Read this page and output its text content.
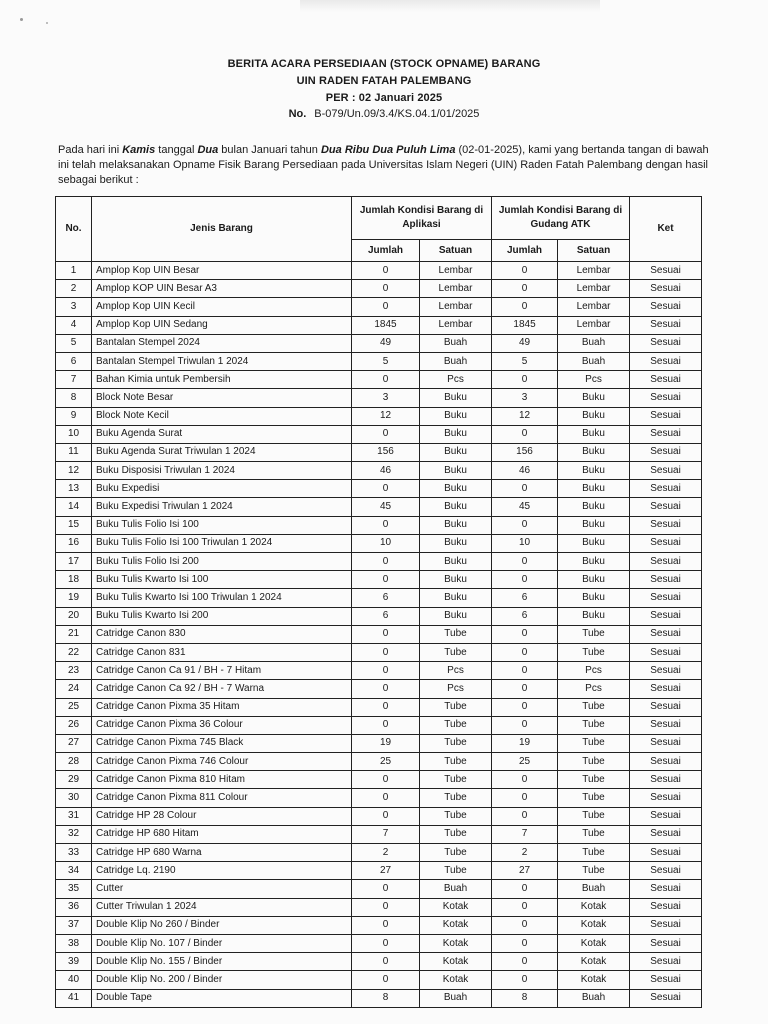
BERITA ACARA PERSEDIAAN (STOCK OPNAME) BARANG
UIN RADEN FATAH PALEMBANG
PER : 02 Januari 2025
No. B-079/Un.09/3.4/KS.04.1/01/2025
Pada hari ini Kamis tanggal Dua bulan Januari tahun Dua Ribu Dua Puluh Lima (02-01-2025), kami yang bertanda tangan di bawah ini telah melaksanakan Opname Fisik Barang Persediaan pada Universitas Islam Negeri (UIN) Raden Fatah Palembang dengan hasil sebagai berikut :
No.	Jenis Barang	Jumlah Kondisi Barang di Aplikasi		Jumlah Kondisi Barang di Gudang ATK		Ket
		Jumlah	Satuan	Jumlah	Satuan	
1	Amplop Kop UIN Besar	0	Lembar	0	Lembar	Sesuai
2	Amplop KOP UIN Besar A3	0	Lembar	0	Lembar	Sesuai
3	Amplop Kop UIN Kecil	0	Lembar	0	Lembar	Sesuai
4	Amplop Kop UIN Sedang	1845	Lembar	1845	Lembar	Sesuai
5	Bantalan Stempel 2024	49	Buah	49	Buah	Sesuai
6	Bantalan Stempel Triwulan 1 2024	5	Buah	5	Buah	Sesuai
7	Bahan Kimia untuk Pembersih	0	Pcs	0	Pcs	Sesuai
8	Block Note Besar	3	Buku	3	Buku	Sesuai
9	Block Note Kecil	12	Buku	12	Buku	Sesuai
10	Buku Agenda Surat	0	Buku	0	Buku	Sesuai
11	Buku Agenda Surat Triwulan 1 2024	156	Buku	156	Buku	Sesuai
12	Buku Disposisi Triwulan 1 2024	46	Buku	46	Buku	Sesuai
13	Buku Expedisi	0	Buku	0	Buku	Sesuai
14	Buku Expedisi Triwulan 1 2024	45	Buku	45	Buku	Sesuai
15	Buku Tulis Folio Isi 100	0	Buku	0	Buku	Sesuai
16	Buku Tulis Folio Isi 100 Triwulan 1 2024	10	Buku	10	Buku	Sesuai
17	Buku Tulis Folio Isi 200	0	Buku	0	Buku	Sesuai
18	Buku Tulis Kwarto Isi 100	0	Buku	0	Buku	Sesuai
19	Buku Tulis Kwarto Isi 100 Triwulan 1 2024	6	Buku	6	Buku	Sesuai
20	Buku Tulis Kwarto Isi 200	6	Buku	6	Buku	Sesuai
21	Catridge Canon 830	0	Tube	0	Tube	Sesuai
22	Catridge Canon 831	0	Tube	0	Tube	Sesuai
23	Catridge Canon Ca 91 / BH - 7 Hitam	0	Pcs	0	Pcs	Sesuai
24	Catridge Canon Ca 92 / BH - 7 Warna	0	Pcs	0	Pcs	Sesuai
25	Catridge Canon Pixma 35 Hitam	0	Tube	0	Tube	Sesuai
26	Catridge Canon Pixma 36 Colour	0	Tube	0	Tube	Sesuai
27	Catridge Canon Pixma 745 Black	19	Tube	19	Tube	Sesuai
28	Catridge Canon Pixma 746 Colour	25	Tube	25	Tube	Sesuai
29	Catridge Canon Pixma 810 Hitam	0	Tube	0	Tube	Sesuai
30	Catridge Canon Pixma 811 Colour	0	Tube	0	Tube	Sesuai
31	Catridge HP 28 Colour	0	Tube	0	Tube	Sesuai
32	Catridge HP 680 Hitam	7	Tube	7	Tube	Sesuai
33	Catridge HP 680 Warna	2	Tube	2	Tube	Sesuai
34	Catridge Lq. 2190	27	Tube	27	Tube	Sesuai
35	Cutter	0	Buah	0	Buah	Sesuai
36	Cutter Triwulan 1 2024	0	Kotak	0	Kotak	Sesuai
37	Double Klip No 260 / Binder	0	Kotak	0	Kotak	Sesuai
38	Double Klip No. 107 / Binder	0	Kotak	0	Kotak	Sesuai
39	Double Klip No. 155 / Binder	0	Kotak	0	Kotak	Sesuai
40	Double Klip No. 200 / Binder	0	Kotak	0	Kotak	Sesuai
41	Double Tape	8	Buah	8	Buah	Sesuai
